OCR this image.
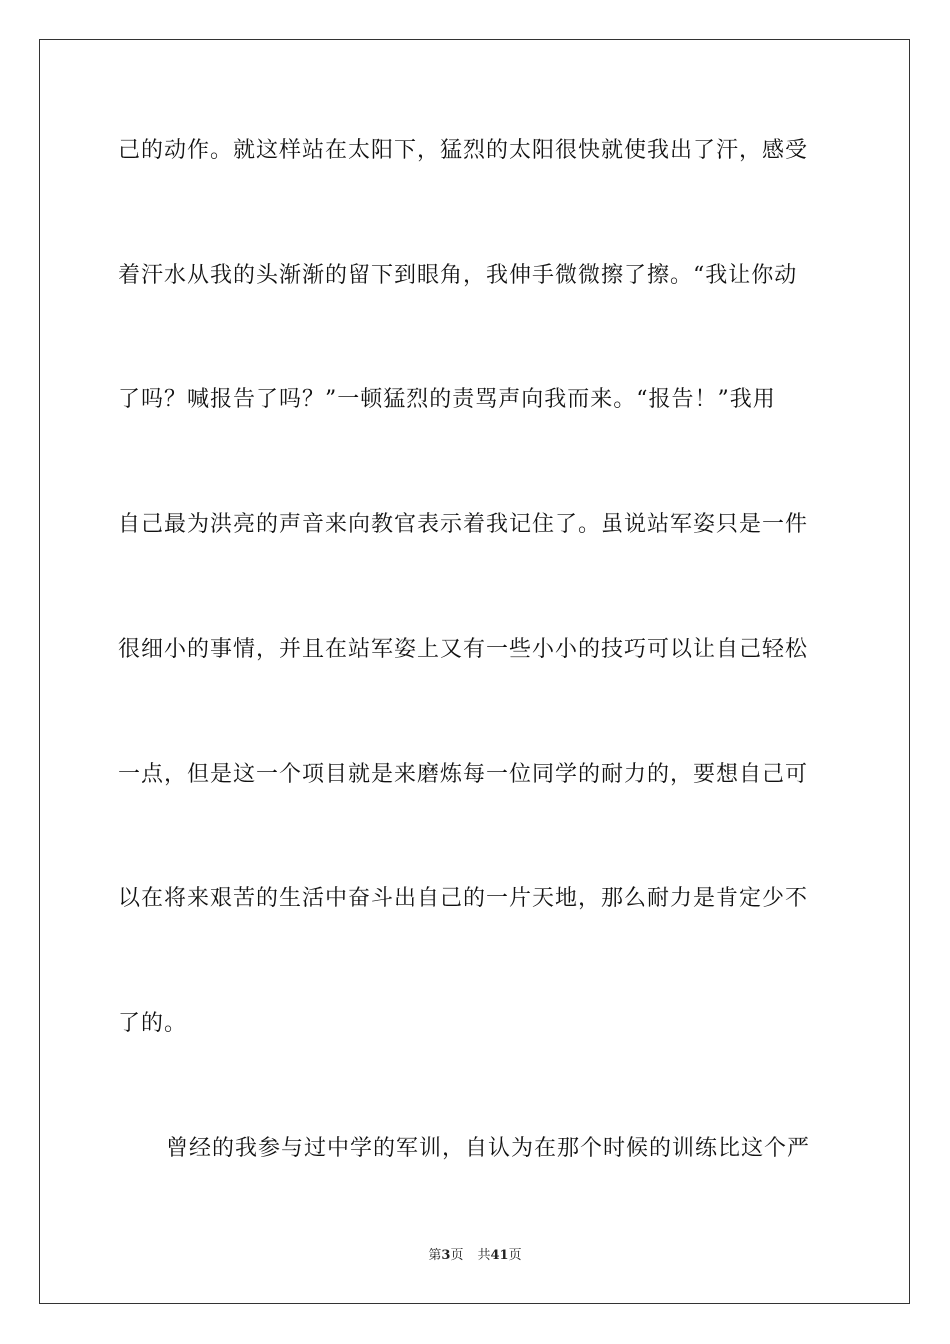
己的动作。就这样站在太阳下，猛烈的太阳很快就使我出了汗，感受
着汗水从我的头渐渐的留下到眼角，我伸手微微擦了擦。“我让你动
了吗？喊报告了吗？”一顿猛烈的责骂声向我而来。“报告！”我用
自己最为洪亮的声音来向教官表示着我记住了。虽说站军姿只是一件
很细小的事情，并且在站军姿上又有一些小小的技巧可以让自己轻松
一点，但是这一个项目就是来磨炼每一位同学的耐力的，要想自己可
以在将来艰苦的生活中奋斗出自己的一片天地，那么耐力是肯定少不
了的。
曾经的我参与过中学的军训，自认为在那个时候的训练比这个严
第3页 共41页
